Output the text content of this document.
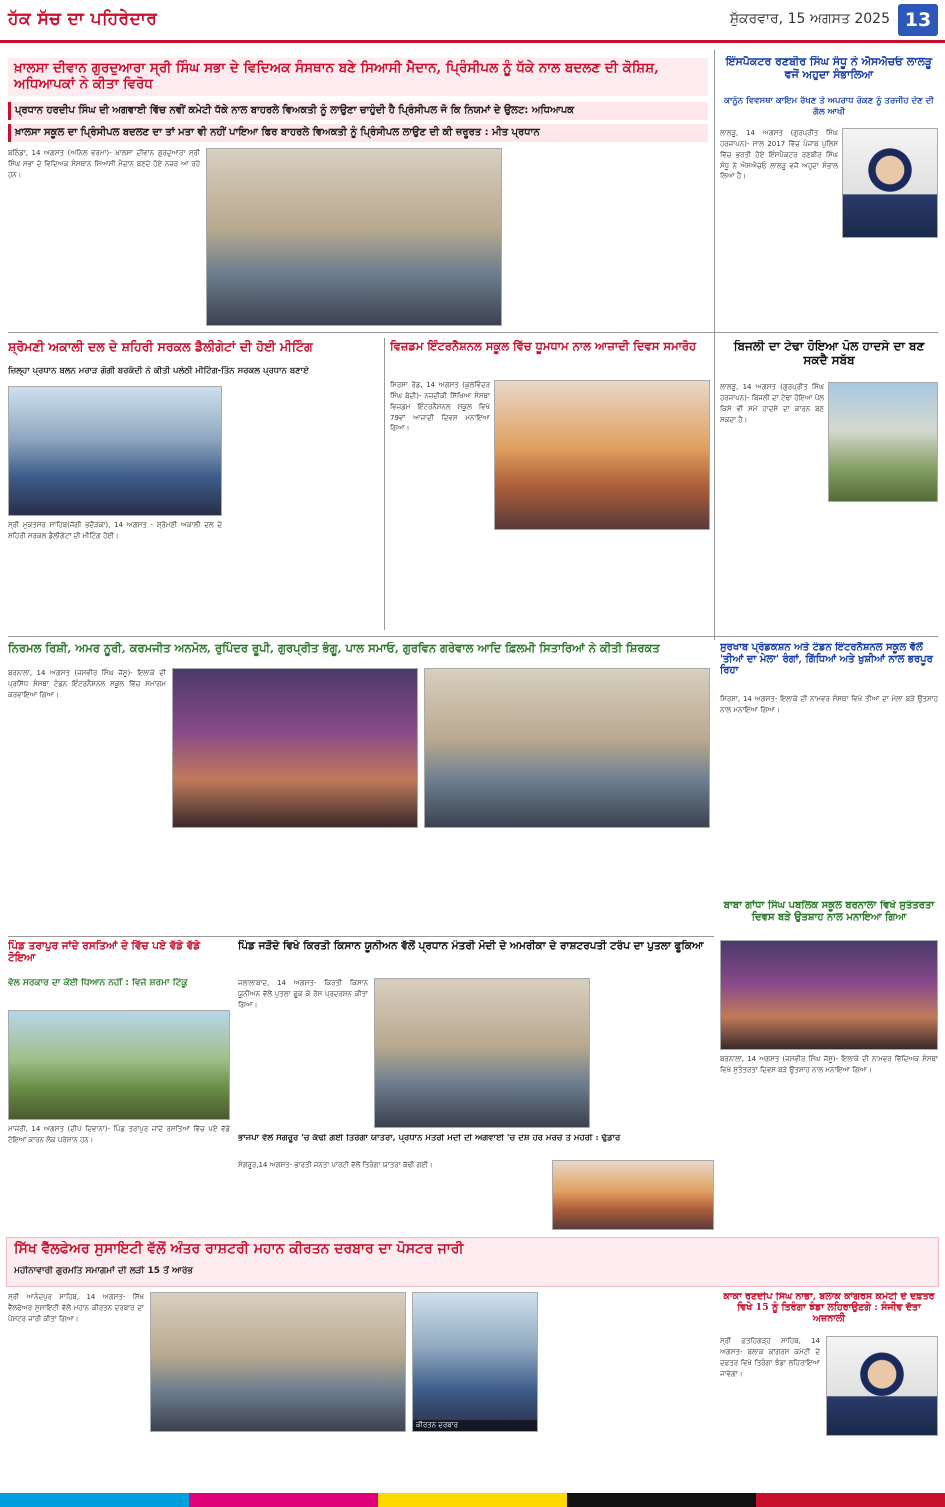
ਹੱਕ ਸੱਚ ਦਾ ਪਹਿਰੇਦਾਰ	ਸ਼ੁੱਕਰਵਾਰ, 15 ਅਗਸਤ 2025 13
ਖ਼ਾਲਸਾ ਦੀਵਾਨ ਗੁਰਦੁਆਰਾ ਸ੍ਰੀ ਸਿੰਘ ਸਭਾ ਦੇ ਵਿਦਿਅਕ ਸੰਸਥਾਨ ਬਣੇ ਸਿਆਸੀ ਮੈਦਾਨ, ਪ੍ਰਿੰਸੀਪਲ ਨੂੰ ਧੱਕੇ ਨਾਲ ਬਦਲਣ ਦੀ ਕੋਸ਼ਿਸ਼, ਅਧਿਆਪਕਾਂ ਨੇ ਕੀਤਾ ਵਿਰੋਧ
ਪ੍ਰਧਾਨ ਹਰਦੀਪ ਸਿੰਘ ਦੀ ਅਗਵਾਈ ਵਿੱਚ ਨਵੀਂ ਕਮੇਟੀ ਧੱਕੇ ਨਾਲ ਬਾਹਰਲੇ ਵਿਅਕਤੀ ਨੂੰ ਲਾਉਣਾ ਚਾਹੁੰਦੀ ਹੈ ਪ੍ਰਿੰਸੀਪਲ ਜੋ ਕਿ ਨਿਯਮਾਂ ਦੇ ਉਲਟ: ਅਧਿਆਪਕ
ਖ਼ਾਲਸਾ ਸਕੂਲ ਦਾ ਪ੍ਰਿੰਸੀਪਲ ਬਦਲਣ ਦਾ ਤਾਂ ਮਤਾ ਵੀ ਨਹੀਂ ਪਾਇਆ ਫਿਰ ਬਾਹਰਲੇ ਵਿਅਕਤੀ ਨੂੰ ਪ੍ਰਿੰਸੀਪਲ ਲਾਉਣ ਦੀ ਕੀ ਜ਼ਰੂਰਤ : ਮੀਤ ਪ੍ਰਧਾਨ
ਬਠਿੰਡਾ, 14 ਅਗਸਤ (ਅਨਿਲ ਵਰਮਾ)- ਖ਼ਾਲਸਾ ਦੀਵਾਨ ਗੁਰਦੁਆਰਾ ਸ੍ਰੀ ਸਿੰਘ ਸਭਾ ਦੇ ਵਿਦਿਅਕ ਸੰਸਥਾਨ ਸਿਆਸੀ ਮੈਦਾਨ ਬਣਦੇ ਹੋਏ ਨਜ਼ਰ ਆ ਰਹੇ ਹਨ।
ਇੰਸਪੈਕਟਰ ਰਣਬੀਰ ਸਿੰਘ ਸੰਧੂ ਨੇ ਐਸਐਚਓ ਲਾਲੜੂ ਵਜੋਂ ਅਹੁਦਾ ਸੰਭਾਲਿਆ
ਕਾਨੂੰਨ ਵਿਵਸਥਾ ਕਾਇਮ ਰੱਖਣ ਤੇ ਅਪਰਾਧ ਰੋਕਣ ਨੂੰ ਤਰਜੀਹ ਦੇਣ ਦੀ ਗੱਲ ਆਖੀ
ਲਾਲੜੂ, 14 ਅਗਸਤ (ਗੁਰਪ੍ਰੀਤ ਸਿੰਘ ਹਰਜਾਪਨ)- ਸਾਲ 2017 ਵਿੱਚ ਪੰਜਾਬ ਪੁਲਿਸ ਵਿੱਚ ਭਰਤੀ ਹੋਏ ਇੰਸਪੈਕਟਰ ਰਣਬੀਰ ਸਿੰਘ ਸੰਧੂ ਨੇ ਐਸਐਚਓ ਲਾਲੜੂ ਵਜੋਂ ਅਹੁਦਾ ਸੰਭਾਲ ਲਿਆ ਹੈ।
ਸ਼੍ਰੋਮਣੀ ਅਕਾਲੀ ਦਲ ਦੇ ਸ਼ਹਿਰੀ ਸਰਕਲ ਡੈਲੀਗੇਟਾਂ ਦੀ ਹੋਈ ਮੀਟਿੰਗ
ਜ਼ਿਲ੍ਹਾ ਪ੍ਰਧਾਨ ਬਲਨ ਮਰਾੜ ਗੋਗੀ ਬਰਕੰਦੀ ਨੇ ਕੀਤੀ ਪਲੇਠੀ ਮੀਟਿੰਗ-ਤਿੰਨ ਸਰਕਲ ਪ੍ਰਧਾਨ ਬਣਾਏ
ਸ੍ਰੀ ਮੁਕਤਸਰ ਸਾਹਿਬ(ਜੱਗੀ ਭਦੌੜਕਾ), 14 ਅਗਸਤ - ਸ਼੍ਰੋਮਣੀ ਅਕਾਲੀ ਦਲ ਦੇ ਸ਼ਹਿਰੀ ਸਰਕਲ ਡੈਲੀਗੇਟਾਂ ਦੀ ਮੀਟਿੰਗ ਹੋਈ।
ਵਿਜ਼ਡਮ ਇੰਟਰਨੈਸ਼ਨਲ ਸਕੂਲ ਵਿੱਚ ਧੂਮਧਾਮ ਨਾਲ ਆਜ਼ਾਦੀ ਦਿਵਸ ਸਮਾਰੋਹ
ਸਿਰਸਾ ਰੋਡ, 14 ਅਗਸਤ (ਕੁਲਵਿੰਦਰ ਸਿੰਘ ਬੇਦੀ)- ਨਜ਼ਦੀਕੀ ਸਿੱਖਿਆ ਸੰਸਥਾ ਵਿਜ਼ਡਮ ਇੰਟਰਨੈਸ਼ਨਲ ਸਕੂਲ ਵਿਖੇ 79ਵਾਂ ਆਜ਼ਾਦੀ ਦਿਵਸ ਮਨਾਇਆ ਗਿਆ।
ਬਿਜਲੀ ਦਾ ਟੇਢਾ ਹੋਇਆ ਪੋਲ ਹਾਦਸੇ ਦਾ ਬਣ ਸਕਦੈ ਸਬੱਬ
ਲਾਲੜੂ, 14 ਅਗਸਤ (ਗੁਰਪ੍ਰੀਤ ਸਿੰਘ ਹਰਜਾਪਨ)- ਬਿਜਲੀ ਦਾ ਟੇਢਾ ਹੋਇਆ ਪੋਲ ਕਿਸੇ ਵੀ ਸਮੇਂ ਹਾਦਸੇ ਦਾ ਕਾਰਨ ਬਣ ਸਕਦਾ ਹੈ।
ਨਿਰਮਲ ਰਿਸ਼ੀ, ਅਮਰ ਨੂਰੀ, ਕਰਮਜੀਤ ਅਨਮੋਲ, ਰੁਪਿੰਦਰ ਰੂਪੀ, ਗੁਰਪ੍ਰੀਤ ਭੰਗੂ, ਪਾਲ ਸਮਾਓ, ਗੁਰਵਿਨ ਗਰੇਵਾਲ ਆਦਿ ਫ਼ਿਲਮੀ ਸਿਤਾਰਿਆਂ ਨੇ ਕੀਤੀ ਸ਼ਿਰਕਤ
ਬਰਨਾਲਾ, 14 ਅਗਸਤ (ਜਸਵੀਰ ਸਿੰਘ ਜੱਸੂ)- ਇਲਾਕੇ ਦੀ ਪ੍ਰਸਿੱਧ ਸੰਸਥਾ ਟੰਡਨ ਇੰਟਰਨੈਸ਼ਨਲ ਸਕੂਲ ਵਿੱਚ ਸਮਾਗਮ ਕਰਵਾਇਆ ਗਿਆ।
ਸੁਰਖਾਬ ਪ੍ਰੋਡਕਸ਼ਨ ਅਤੇ ਟੰਡਨ ਇੰਟਰਨੈਸ਼ਨਲ ਸਕੂਲ ਵੱਲੋਂ 'ਤੀਆਂ ਦਾ ਮੇਲਾ' ਰੰਗਾਂ, ਗਿੱਧਿਆਂ ਅਤੇ ਖੁਸ਼ੀਆਂ ਨਾਲ ਭਰਪੂਰ ਰਿਹਾ
ਸਿਰਸਾ, 14 ਅਗਸਤ- ਇਲਾਕੇ ਦੀ ਨਾਮਵਰ ਸੰਸਥਾ ਵਿਖੇ ਤੀਆਂ ਦਾ ਮੇਲਾ ਬੜੇ ਉਤਸ਼ਾਹ ਨਾਲ ਮਨਾਇਆ ਗਿਆ।
ਪਿੰਡ ਤਰਾਪੁਰ ਜਾਂਦੇ ਰਸਤਿਆਂ ਦੇ ਵਿੱਚ ਪਏ ਵੱਡੇ ਵੱਡੇ ਟੋਇਆ
ਵੱਲ ਸਰਕਾਰ ਦਾ ਕੋਈ ਧਿਆਨ ਨਹੀਂ : ਵਿਜੇ ਸ਼ਰਮਾ ਟਿੰਕੂ
ਮਾਜਰੀ, 14 ਅਗਸਤ (ਦੀਪ ਦਿਵਾਨਾ)- ਪਿੰਡ ਤਰਾਪੁਰ ਜਾਂਦੇ ਰਸਤਿਆਂ ਵਿੱਚ ਪਏ ਵੱਡੇ ਟੋਇਆਂ ਕਾਰਨ ਲੋਕ ਪਰੇਸ਼ਾਨ ਹਨ।
ਪਿੰਡ ਜੜੌਦੇ ਵਿਖੇ ਕਿਰਤੀ ਕਿਸਾਨ ਯੂਨੀਅਨ ਵੱਲੋਂ ਪ੍ਰਧਾਨ ਮੰਤਰੀ ਮੋਦੀ ਦੇ ਅਮਰੀਕਾ ਦੇ ਰਾਸ਼ਟਰਪਤੀ ਟਰੰਪ ਦਾ ਪੁਤਲਾ ਫੂਕਿਆ
ਜਲਾਲਾਬਾਦ, 14 ਅਗਸਤ- ਕਿਰਤੀ ਕਿਸਾਨ ਯੂਨੀਅਨ ਵੱਲੋਂ ਪੁਤਲਾ ਫੂਕ ਕੇ ਰੋਸ ਪ੍ਰਦਰਸ਼ਨ ਕੀਤਾ ਗਿਆ।
ਭਾਜਪਾ ਵੱਲੋਂ ਸੰਗਰੂਰ 'ਚ ਕੱਢੀ ਗਈ ਤਿਰੰਗਾ ਯਾਤਰਾ, ਪ੍ਰਧਾਨ ਮੰਤਰੀ ਮੋਦੀ ਦੀ ਅਗਵਾਈ 'ਚ ਦੇਸ਼ ਹਰ ਮੋਰਚੇ ਤੇ ਮੋਹਰੀ : ਢੁੱਡਾਰ
ਸੰਗਰੂਰ,14 ਅਗਸਤ- ਭਾਰਤੀ ਜਨਤਾ ਪਾਰਟੀ ਵੱਲੋਂ ਤਿਰੰਗਾ ਯਾਤਰਾ ਕੱਢੀ ਗਈ।
ਬਾਬਾ ਗਾਂਧਾ ਸਿੰਘ ਪਬਲਿਕ ਸਕੂਲ ਬਰਨਾਲਾ ਵਿਖੇ ਸੁਤੰਤਰਤਾ ਦਿਵਸ ਬੜੇ ਉਤਸ਼ਾਹ ਨਾਲ ਮਨਾਇਆ ਗਿਆ
ਬਰਨਾਲਾ, 14 ਅਗਸਤ (ਜਸਵੀਰ ਸਿੰਘ ਜੱਸੂ)- ਇਲਾਕੇ ਦੀ ਨਾਮਵਰ ਵਿੱਦਿਅਕ ਸੰਸਥਾ ਵਿਖੇ ਸੁਤੰਤਰਤਾ ਦਿਵਸ ਬੜੇ ਉਤਸ਼ਾਹ ਨਾਲ ਮਨਾਇਆ ਗਿਆ।
ਸਿੱਖ ਵੈੱਲਫੇਅਰ ਸੁਸਾਇਟੀ ਵੱਲੋਂ ਅੰਤਰ ਰਾਸ਼ਟਰੀ ਮਹਾਨ ਕੀਰਤਨ ਦਰਬਾਰ ਦਾ ਪੋਸਟਰ ਜਾਰੀ
ਮਹੀਨਾਵਾਰੀ ਗੁਰਮਤਿ ਸਮਾਗਮਾਂ ਦੀ ਲੜੀ 15 ਤੋਂ ਆਰੰਭ
ਸ੍ਰੀ ਆਨੰਦਪੁਰ ਸਾਹਿਬ, 14 ਅਗਸਤ- ਸਿੱਖ ਵੈੱਲਫੇਅਰ ਸੁਸਾਇਟੀ ਵੱਲੋਂ ਮਹਾਨ ਕੀਰਤਨ ਦਰਬਾਰ ਦਾ ਪੋਸਟਰ ਜਾਰੀ ਕੀਤਾ ਗਿਆ।
ਕੀਰਤਨ ਦਰਬਾਰ
ਕਾਕਾ ਰਣਦੀਪ ਸਿੰਘ ਨਾਭਾ, ਬਲਾਕ ਕਾਂਗਰਸ ਕਮੇਟੀ ਦੇ ਦਫ਼ਤਰ ਵਿਖੇ 15 ਨੂੰ ਤਿਰੰਗਾ ਝੰਡਾ ਲਹਿਰਾਉਣਗੇ : ਸੰਜੀਵ ਦੱਤਾ ਅਜ਼ਨਾਲੀ
ਸ੍ਰੀ ਫ਼ਤਹਿਗੜ੍ਹ ਸਾਹਿਬ, 14 ਅਗਸਤ- ਬਲਾਕ ਕਾਂਗਰਸ ਕਮੇਟੀ ਦੇ ਦਫ਼ਤਰ ਵਿਖੇ ਤਿਰੰਗਾ ਝੰਡਾ ਲਹਿਰਾਇਆ ਜਾਵੇਗਾ।
